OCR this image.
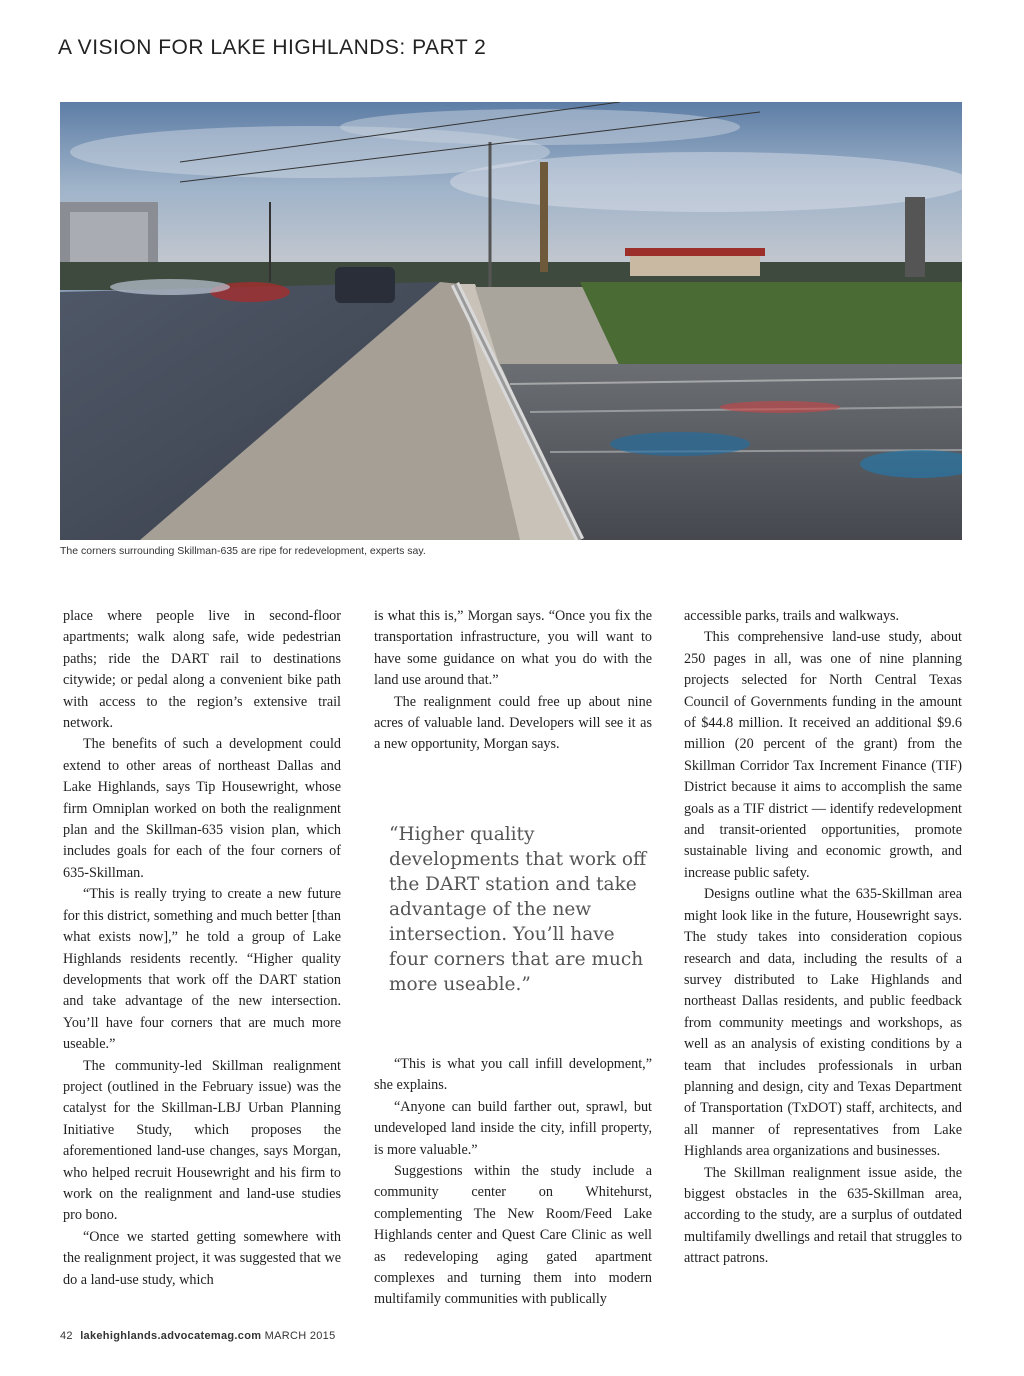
A VISION FOR LAKE HIGHLANDS: PART 2
The corners surrounding Skillman-635 are ripe for redevelopment, experts say.

place where people live in second-floor apartments; walk along safe, wide pedestrian paths; ride the DART rail to destinations citywide; or pedal along a convenient bike path with access to the region’s extensive trail network.

The benefits of such a development could extend to other areas of northeast Dallas and Lake Highlands, says Tip Housewright, whose firm Omniplan worked on both the realignment plan and the Skillman-635 vision plan, which includes goals for each of the four corners of 635-Skillman.

“This is really trying to create a new future for this district, something and much better [than what exists now],” he told a group of Lake Highlands residents recently. “Higher quality developments that work off the DART station and take advantage of the new intersection. You’ll have four corners that are much more useable.”

The community-led Skillman realignment project (outlined in the February issue) was the catalyst for the Skillman-LBJ Urban Planning Initiative Study, which proposes the aforementioned land-use changes, says Morgan, who helped recruit Housewright and his firm to work on the realignment and land-use studies pro bono.

“Once we started getting somewhere with the realignment project, it was suggested that we do a land-use study, which

is what this is,” Morgan says. “Once you fix the transportation infrastructure, you will want to have some guidance on what you do with the land use around that.”

The realignment could free up about nine acres of valuable land. Developers will see it as a new opportunity, Morgan says.

“Higher quality developments that work off the DART station and take advantage of the new intersection. You’ll have four corners that are much more useable.”

“This is what you call infill development,” she explains.

“Anyone can build farther out, sprawl, but undeveloped land inside the city, infill property, is more valuable.”

Suggestions within the study include a community center on Whitehurst, complementing The New Room/Feed Lake Highlands center and Quest Care Clinic as well as redeveloping aging gated apartment complexes and turning them into modern multifamily communities with publically

accessible parks, trails and walkways.

This comprehensive land-use study, about 250 pages in all, was one of nine planning projects selected for North Central Texas Council of Governments funding in the amount of $44.8 million. It received an additional $9.6 million (20 percent of the grant) from the Skillman Corridor Tax Increment Finance (TIF) District because it aims to accomplish the same goals as a TIF district — identify redevelopment and transit-oriented opportunities, promote sustainable living and economic growth, and increase public safety.

Designs outline what the 635-Skillman area might look like in the future, Housewright says. The study takes into consideration copious research and data, including the results of a survey distributed to Lake Highlands and northeast Dallas residents, and public feedback from community meetings and workshops, as well as an analysis of existing conditions by a team that includes professionals in urban planning and design, city and Texas Department of Transportation (TxDOT) staff, architects, and all manner of representatives from Lake Highlands area organizations and businesses.

The Skillman realignment issue aside, the biggest obstacles in the 635-Skillman area, according to the study, are a surplus of outdated multifamily dwellings and retail that struggles to attract patrons.

42 lakehighlands.advocatemag.com MARCH 2015
